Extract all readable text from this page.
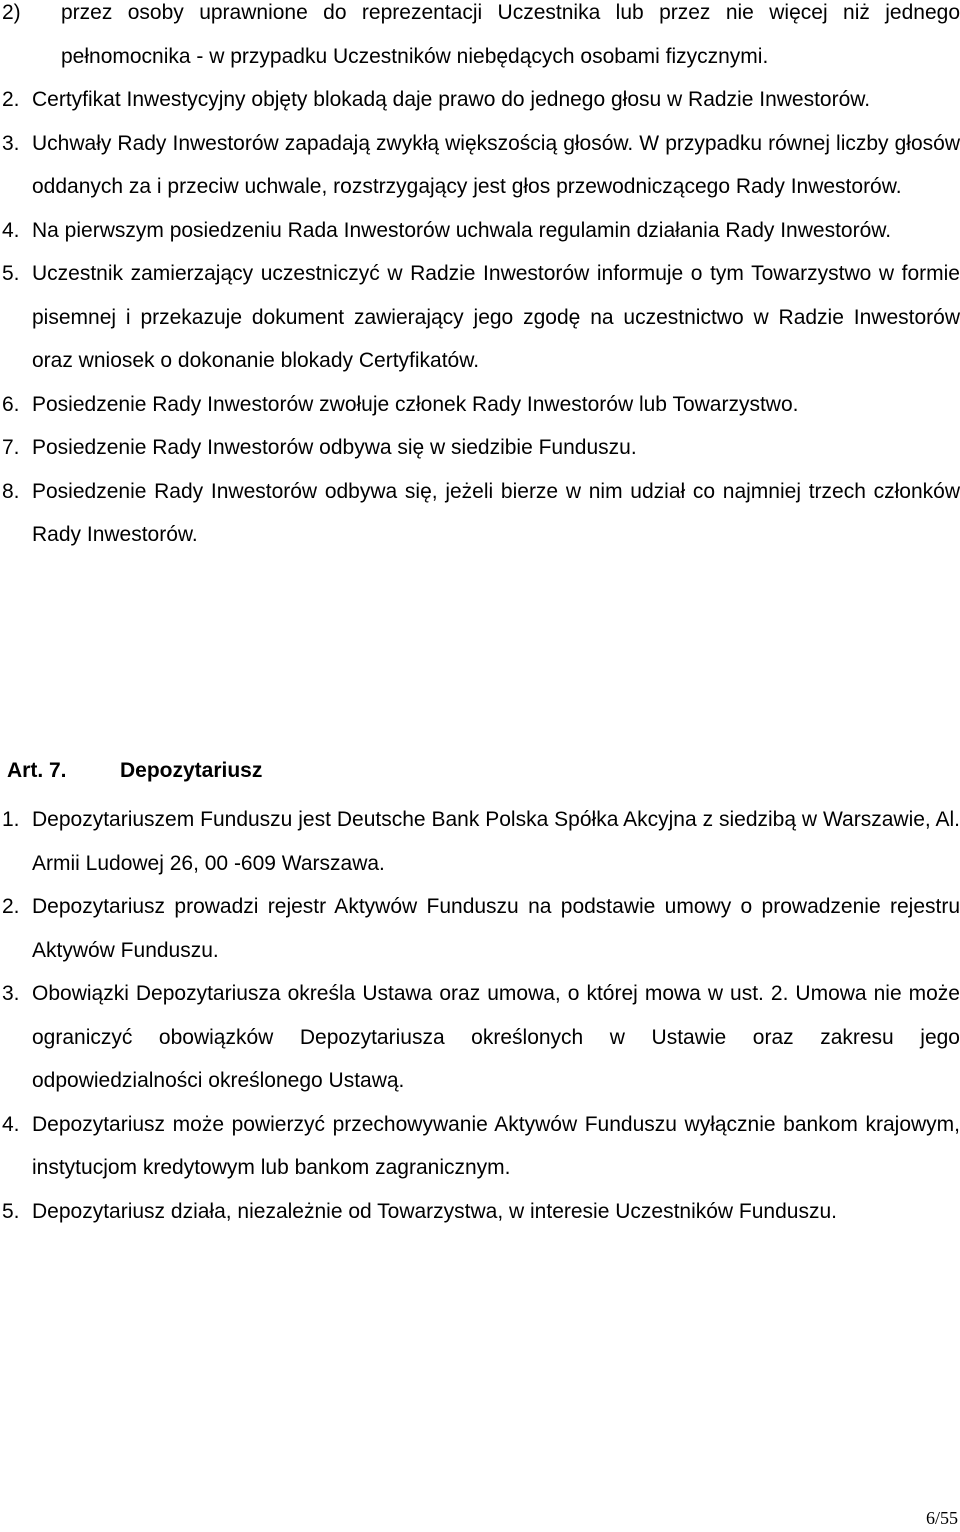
2) przez osoby uprawnione do reprezentacji Uczestnika lub przez nie więcej niż jednego pełnomocnika - w przypadku Uczestników niebędących osobami fizycznymi.
2. Certyfikat Inwestycyjny objęty blokadą daje prawo do jednego głosu w Radzie Inwestorów.
3. Uchwały Rady Inwestorów zapadają zwykłą większością głosów. W przypadku równej liczby głosów oddanych za i przeciw uchwale, rozstrzygający jest głos przewodniczącego Rady Inwestorów.
4. Na pierwszym posiedzeniu Rada Inwestorów uchwala regulamin działania Rady Inwestorów.
5. Uczestnik zamierzający uczestniczyć w Radzie Inwestorów informuje o tym Towarzystwo w formie pisemnej i przekazuje dokument zawierający jego zgodę na uczestnictwo w Radzie Inwestorów oraz wniosek o dokonanie blokady Certyfikatów.
6. Posiedzenie Rady Inwestorów zwołuje członek Rady Inwestorów lub Towarzystwo.
7. Posiedzenie Rady Inwestorów odbywa się w siedzibie Funduszu.
8. Posiedzenie Rady Inwestorów odbywa się, jeżeli bierze w nim udział co najmniej trzech członków Rady Inwestorów.
Art. 7.	Depozytariusz
1. Depozytariuszem Funduszu jest Deutsche Bank Polska Spółka Akcyjna z siedzibą w Warszawie, Al. Armii Ludowej 26, 00 -609 Warszawa.
2. Depozytariusz prowadzi rejestr Aktywów Funduszu na podstawie umowy o prowadzenie rejestru Aktywów Funduszu.
3. Obowiązki Depozytariusza określa Ustawa oraz umowa, o której mowa w ust. 2. Umowa nie może ograniczyć obowiązków Depozytariusza określonych w Ustawie oraz zakresu jego odpowiedzialności określonego Ustawą.
4. Depozytariusz może powierzyć przechowywanie Aktywów Funduszu wyłącznie bankom krajowym, instytucjom kredytowym lub bankom zagranicznym.
5. Depozytariusz działa, niezależnie od Towarzystwa, w interesie Uczestników Funduszu.
6/55
